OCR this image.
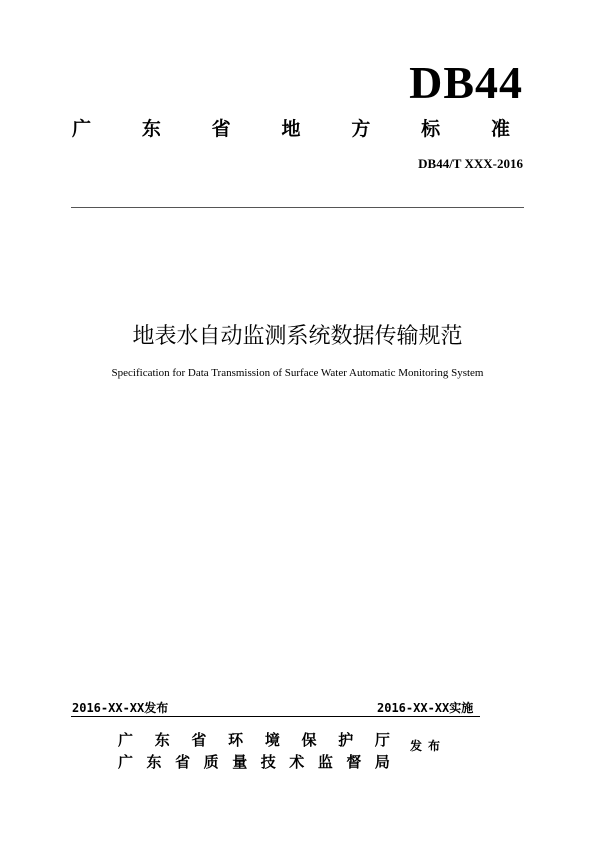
DB44
广	东	省	地	方	标	准
DB44/T XXX-2016
地表水自动监测系统数据传输规范
Specification for Data Transmission of Surface Water Automatic Monitoring System
2016-XX-XX发布	2016-XX-XX实施
广 东 省 环 境 保 护 厅
广 东 省 质 量 技 术 监 督 局
发布
